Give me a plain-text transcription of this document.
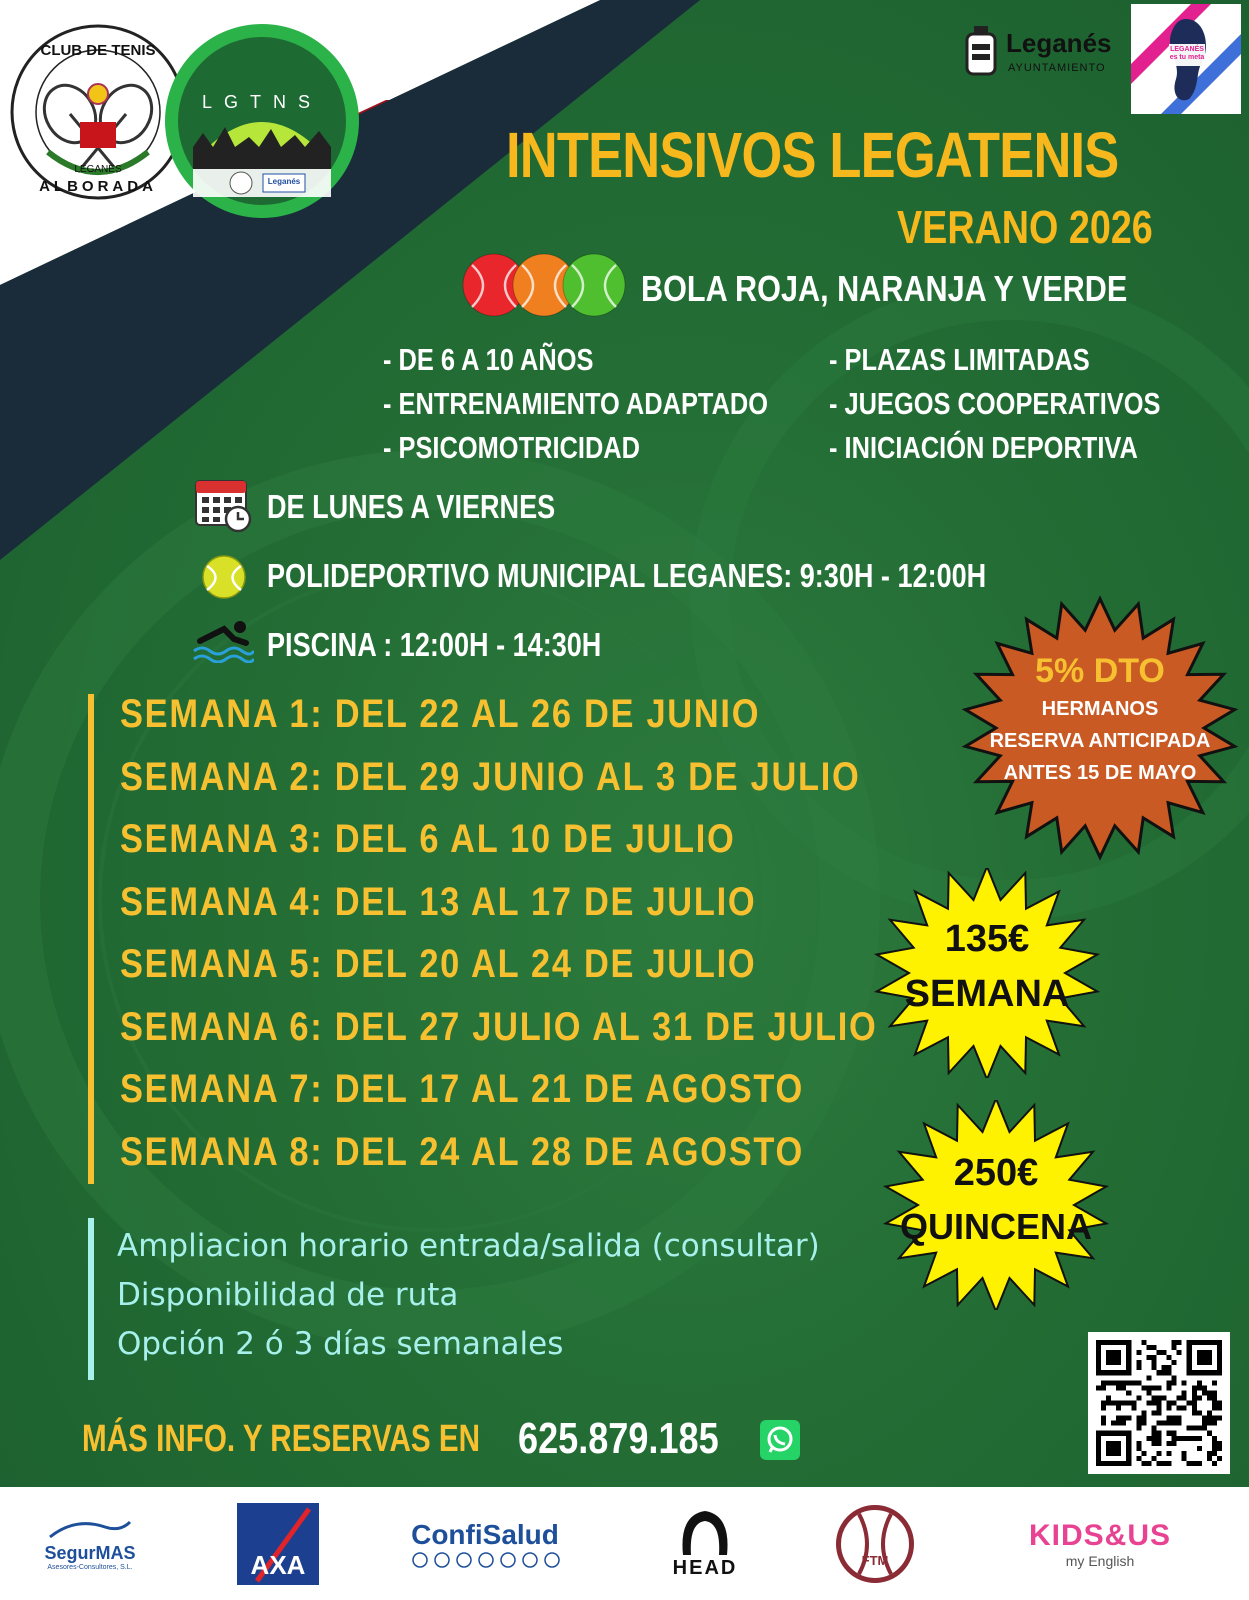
CLUB DE TENIS
LEGANES
ALBORADA
LGTNS
Leganés
Leganés
AYUNTAMIENTO
LEGANÉS es tu meta
INTENSIVOS LEGATENIS
VERANO 2026
BOLA ROJA, NARANJA Y VERDE
- DE 6 A 10 AÑOS
- ENTRENAMIENTO ADAPTADO
- PSICOMOTRICIDAD
- PLAZAS LIMITADAS
- JUEGOS COOPERATIVOS
- INICIACIÓN DEPORTIVA
DE LUNES A VIERNES
POLIDEPORTIVO MUNICIPAL LEGANES: 9:30H - 12:00H
PISCINA : 12:00H - 14:30H
SEMANA 1: DEL 22 AL 26 DE JUNIO
SEMANA 2: DEL 29 JUNIO AL 3 DE JULIO
SEMANA 3: DEL 6 AL 10 DE JULIO
SEMANA 4: DEL 13 AL 17 DE JULIO
SEMANA 5: DEL 20 AL 24 DE JULIO
SEMANA 6: DEL 27 JULIO AL 31 DE JULIO
SEMANA 7: DEL 17 AL 21 DE AGOSTO
SEMANA 8: DEL 24 AL 28 DE AGOSTO
5% DTO
HERMANOS
RESERVA ANTICIPADA
ANTES 15 DE MAYO
135€
SEMANA
250€
QUINCENA
Ampliacion horario entrada/salida (consultar)
Disponibilidad de ruta
Opción 2 ó 3 días semanales
MÁS INFO. Y RESERVAS EN 625.879.185
SegurMAS
Asesores-Consultores, S.L.	AXA
ConfiSalud
HEAD	FTM
KIDS&US
my English
